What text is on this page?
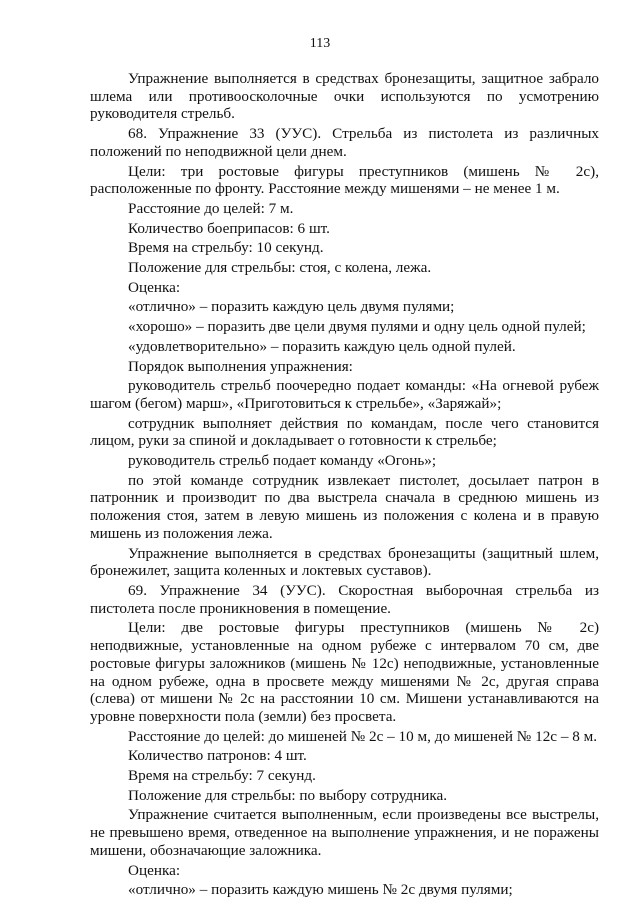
113

Упражнение выполняется в средствах бронезащиты, защитное забрало шлема или противоосколочные очки используются по усмотрению руководителя стрельб.

68. Упражнение 33 (УУС). Стрельба из пистолета из различных положений по неподвижной цели днем.

Цели: три ростовые фигуры преступников (мишень № 2с), расположенные по фронту. Расстояние между мишенями – не менее 1 м.

Расстояние до целей: 7 м.

Количество боеприпасов: 6 шт.

Время на стрельбу: 10 секунд.

Положение для стрельбы: стоя, с колена, лежа.

Оценка:

«отлично» – поразить каждую цель двумя пулями;

«хорошо» – поразить две цели двумя пулями и одну цель одной пулей;

«удовлетворительно» – поразить каждую цель одной пулей.

Порядок выполнения упражнения:

руководитель стрельб поочередно подает команды: «На огневой рубеж шагом (бегом) марш», «Приготовиться к стрельбе», «Заряжай»;

сотрудник выполняет действия по командам, после чего становится лицом, руки за спиной и докладывает о готовности к стрельбе;

руководитель стрельб подает команду «Огонь»;

по этой команде сотрудник извлекает пистолет, досылает патрон в патронник и производит по два выстрела сначала в среднюю мишень из положения стоя, затем в левую мишень из положения с колена и в правую мишень из положения лежа.

Упражнение выполняется в средствах бронезащиты (защитный шлем, бронежилет, защита коленных и локтевых суставов).

69. Упражнение 34 (УУС). Скоростная выборочная стрельба из пистолета после проникновения в помещение.

Цели: две ростовые фигуры преступников (мишень № 2с) неподвижные, установленные на одном рубеже с интервалом 70 см, две ростовые фигуры заложников (мишень № 12с) неподвижные, установленные на одном рубеже, одна в просвете между мишенями № 2с, другая справа (слева) от мишени № 2с на расстоянии 10 см. Мишени устанавливаются на уровне поверхности пола (земли) без просвета.

Расстояние до целей: до мишеней № 2с – 10 м, до мишеней № 12с – 8 м.

Количество патронов: 4 шт.

Время на стрельбу: 7 секунд.

Положение для стрельбы: по выбору сотрудника.

Упражнение считается выполненным, если произведены все выстрелы, не превышено время, отведенное на выполнение упражнения, и не поражены мишени, обозначающие заложника.

Оценка:

«отлично» – поразить каждую мишень № 2с двумя пулями;
